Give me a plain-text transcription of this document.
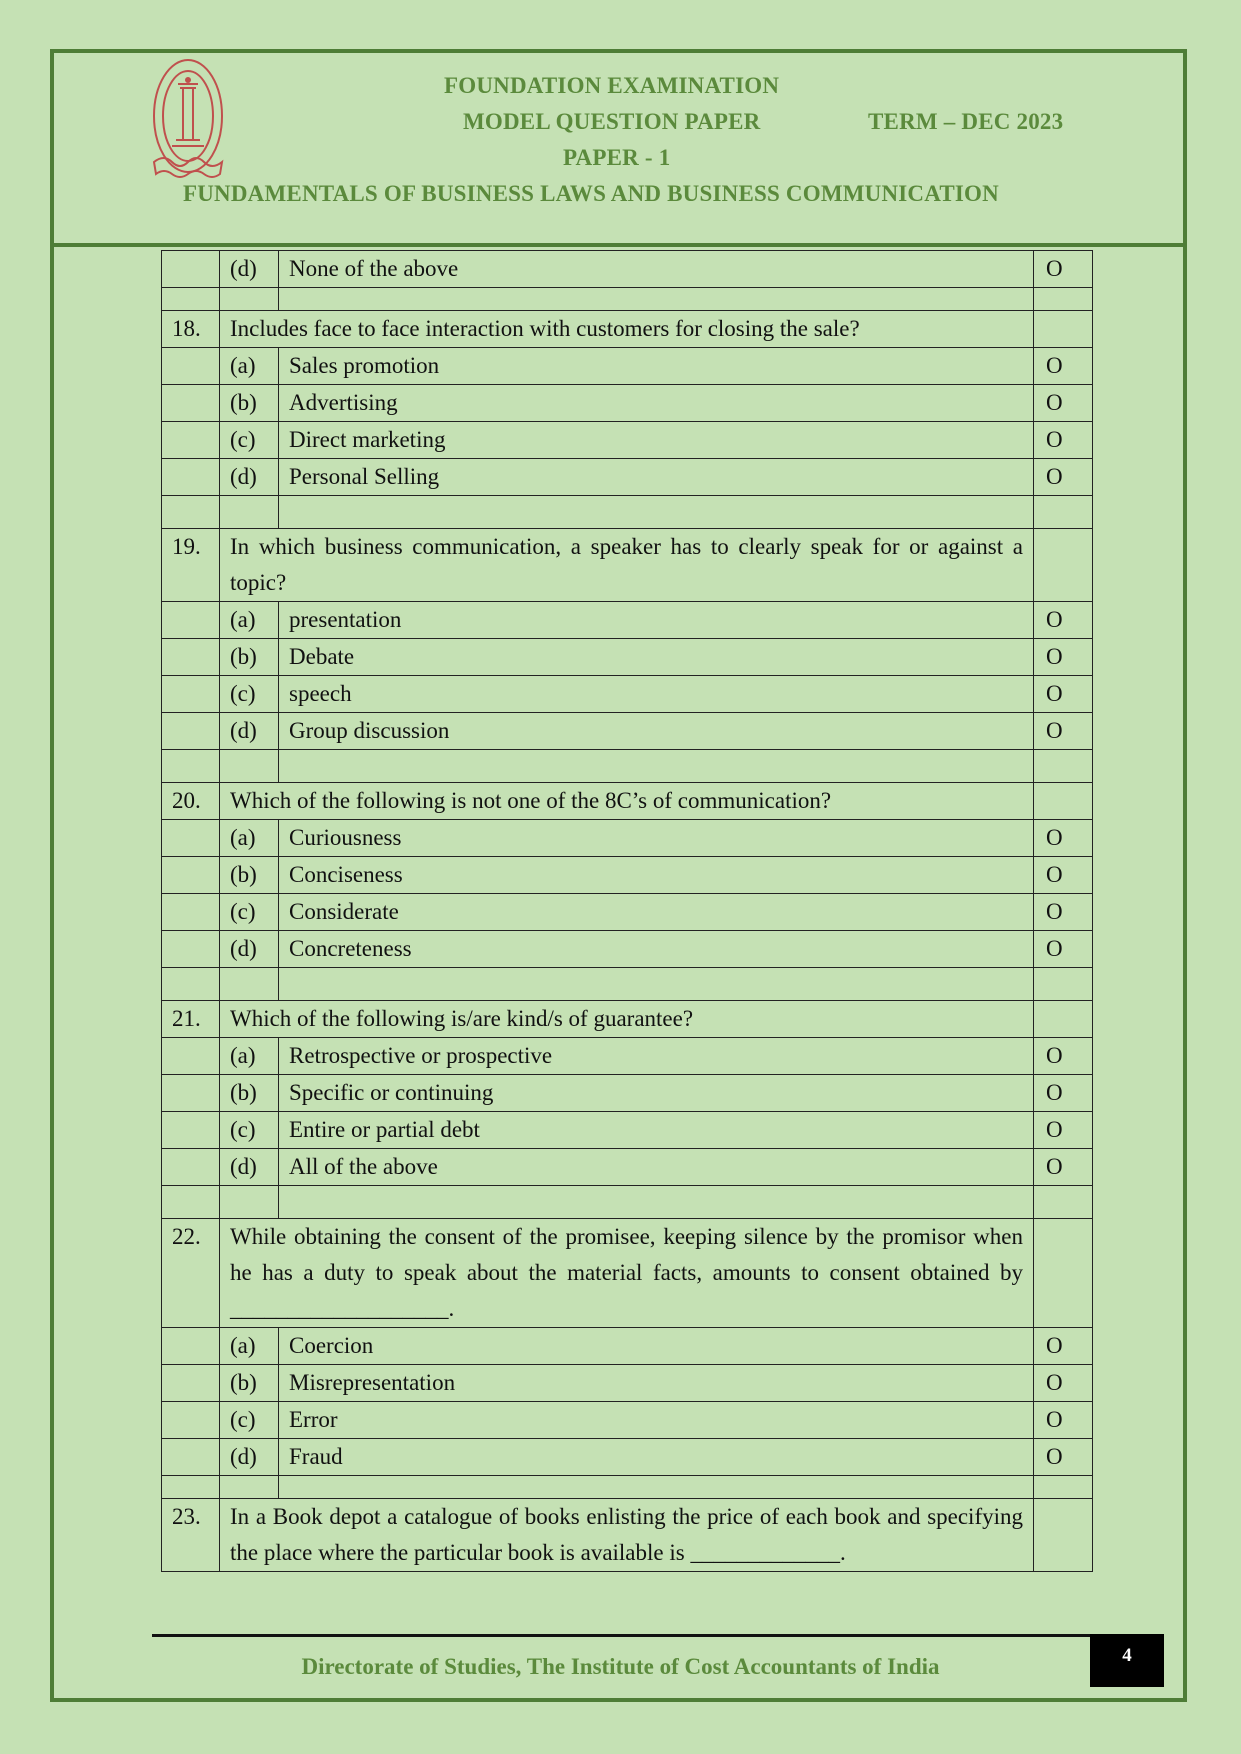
FOUNDATION EXAMINATION
MODEL QUESTION PAPER	TERM – DEC 2023
PAPER - 1
FUNDAMENTALS OF BUSINESS LAWS AND BUSINESS COMMUNICATION
	(d)	None of the above	O

18.	Includes face to face interaction with customers for closing the sale?		
	(a)	Sales promotion	O
	(b)	Advertising	O
	(c)	Direct marketing	O
	(d)	Personal Selling	O

19.	In which business communication, a speaker has to clearly speak for or against a topic?		
	(a)	presentation	O
	(b)	Debate	O
	(c)	speech	O
	(d)	Group discussion	O

20.	Which of the following is not one of the 8C’s of communication?		
	(a)	Curiousness	O
	(b)	Conciseness	O
	(c)	Considerate	O
	(d)	Concreteness	O

21.	Which of the following is/are kind/s of guarantee?		
	(a)	Retrospective or prospective	O
	(b)	Specific or continuing	O
	(c)	Entire or partial debt	O
	(d)	All of the above	O

22.	While obtaining the consent of the promisee, keeping silence by the promisor when he has a duty to speak about the material facts, amounts to consent obtained by ___________________.		
	(a)	Coercion	O
	(b)	Misrepresentation	O
	(c)	Error	O
	(d)	Fraud	O

23.	In a Book depot a catalogue of books enlisting the price of each book and specifying the place where the particular book is available is _____________.		
Directorate of Studies, The Institute of Cost Accountants of India	4
